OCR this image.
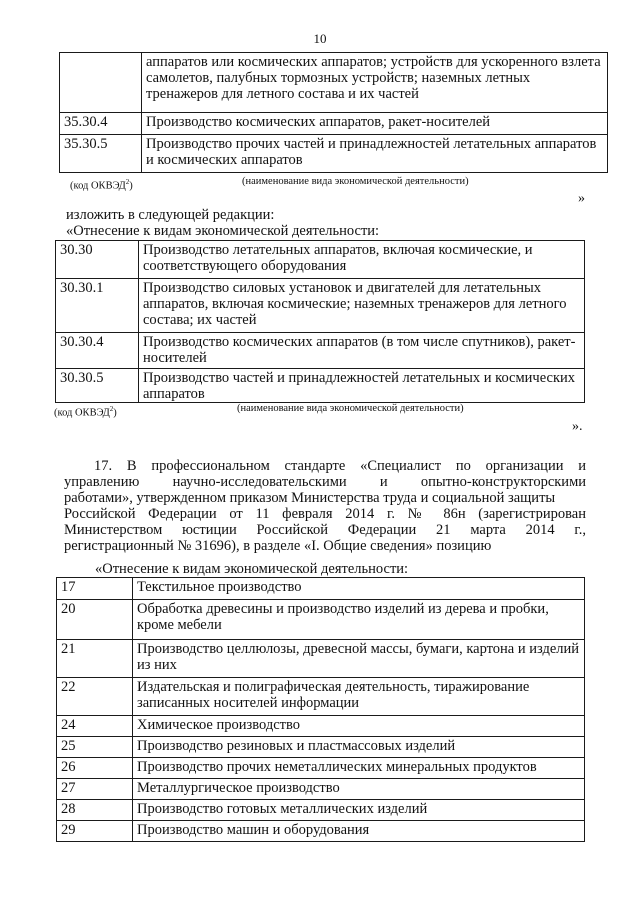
10
	аппаратов или космических аппаратов; устройств для ускоренного взлета самолетов, палубных тормозных устройств; наземных летных тренажеров для летного состава и их частей
35.30.4	Производство космических аппаратов, ракет-носителей
35.30.5	Производство прочих частей и принадлежностей летательных аппаратов и космических аппаратов
(код ОКВЭД$^2$)	(наименование вида экономической деятельности)
»
изложить в следующей редакции:
«Отнесение к видам экономической деятельности:
30.30	Производство летательных аппаратов, включая космические, и соответствующего оборудования
30.30.1	Производство силовых установок и двигателей для летательных аппаратов, включая космические; наземных тренажеров для летного состава; их частей
30.30.4	Производство космических аппаратов (в том числе спутников), ракет-носителей
30.30.5	Производство частей и принадлежностей летательных и космических аппаратов
(код ОКВЭД$^2$)	(наименование вида экономической деятельности)
».
17. В профессиональном стандарте «Специалист по организации и
управлению научно-исследовательскими и опытно-конструкторскими
работами», утвержденном приказом Министерства труда и социальной защиты
Российской Федерации от 11 февраля 2014 г. № 86н (зарегистрирован
Министерством юстиции Российской Федерации 21 марта 2014 г.,
регистрационный № 31696), в разделе «I. Общие сведения» позицию
«Отнесение к видам экономической деятельности:
17	Текстильное производство
20	Обработка древесины и производство изделий из дерева и пробки, кроме мебели
21	Производство целлюлозы, древесной массы, бумаги, картона и изделий из них
22	Издательская и полиграфическая деятельность, тиражирование записанных носителей информации
24	Химическое производство
25	Производство резиновых и пластмассовых изделий
26	Производство прочих неметаллических минеральных продуктов
27	Металлургическое производство
28	Производство готовых металлических изделий
29	Производство машин и оборудования
